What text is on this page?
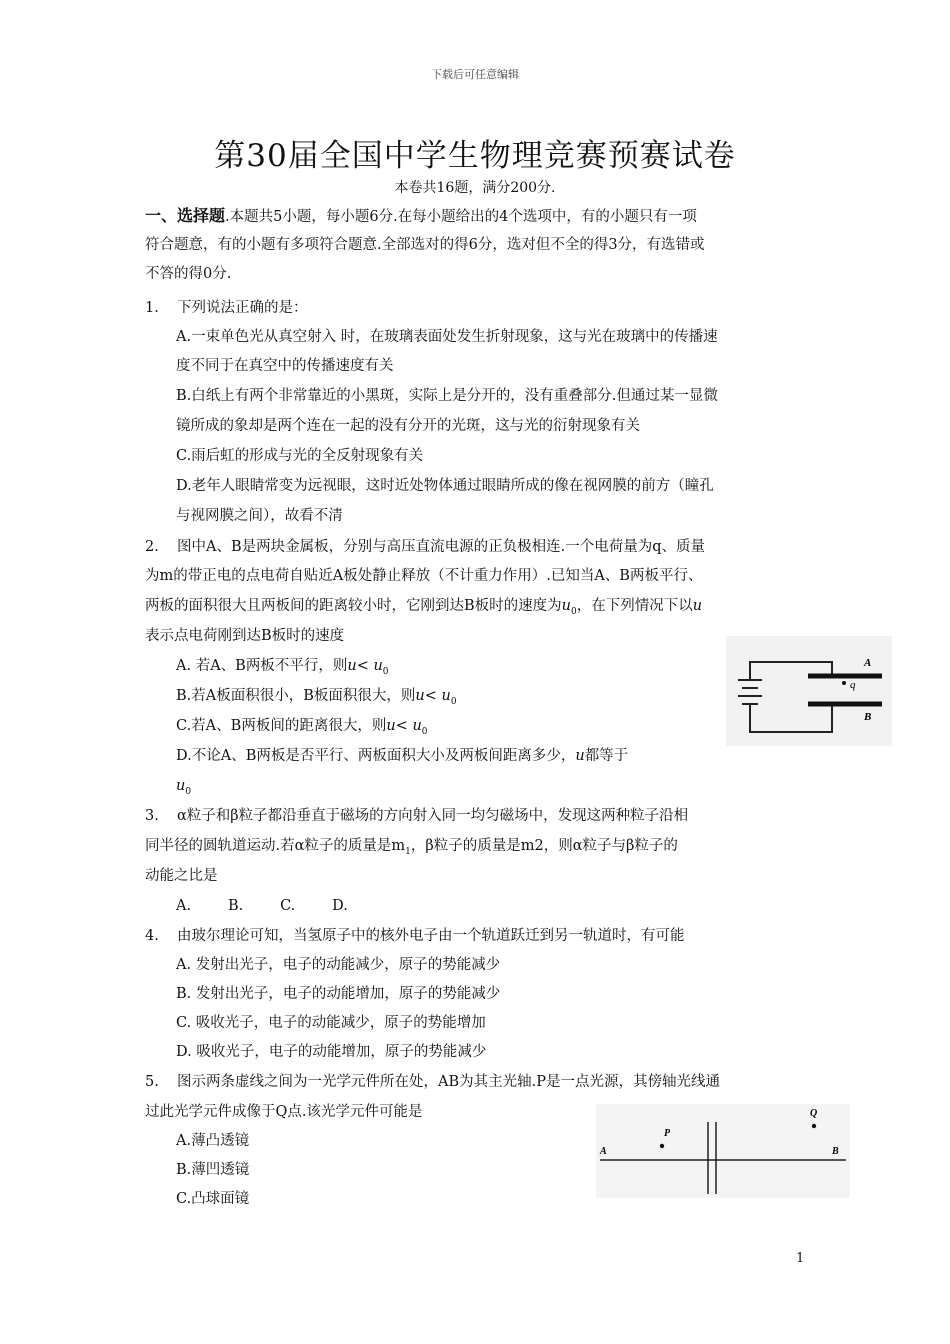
下载后可任意编辑
第30届全国中学生物理竞赛预赛试卷
本卷共16题，满分200分.
一、选择题.本题共5小题，每小题6分.在每小题给出的4个选项中，有的小题只有一项
符合题意，有的小题有多项符合题意.全部选对的得6分，选对但不全的得3分，有选错或
不答的得0分.
1. 下列说法正确的是：
A.一束单色光从真空射入 时，在玻璃表面处发生折射现象，这与光在玻璃中的传播速
度不同于在真空中的传播速度有关
B.白纸上有两个非常靠近的小黑斑，实际上是分开的，没有重叠部分.但通过某一显微
镜所成的象却是两个连在一起的没有分开的光斑，这与光的衍射现象有关
C.雨后虹的形成与光的全反射现象有关
D.老年人眼睛常变为远视眼，这时近处物体通过眼睛所成的像在视网膜的前方（瞳孔
与视网膜之间），故看不清
2. 图中A、B是两块金属板，分别与高压直流电源的正负极相连.一个电荷量为q、质量
为m的带正电的点电荷自贴近A板处静止释放（不计重力作用）.已知当A、B两板平行、
两板的面积很大且两板间的距离较小时，它刚到达B板时的速度为$u_0$，在下列情况下以u
表示点电荷刚到达B板时的速度
A. 若A、B两板不平行，则$u< u_0$
B.若A板面积很小，B板面积很大，则$u< u_0$
C.若A、B两板间的距离很大，则$u< u_0$
D.不论A、B两板是否平行、两板面积大小及两板间距离多少，u都等于
$u_0$
q
A
B
3. α粒子和β粒子都沿垂直于磁场的方向射入同一均匀磁场中，发现这两种粒子沿相
同半径的圆轨道运动.若α粒子的质量是$m_1$，β粒子的质量是m2，则α粒子与β粒子的
动能之比是
A.        B.        C.        D.
4. 由玻尔理论可知，当氢原子中的核外电子由一个轨道跃迁到另一轨道时，有可能
A. 发射出光子，电子的动能减少，原子的势能减少
B. 发射出光子，电子的动能增加，原子的势能减少
C. 吸收光子，电子的动能减少，原子的势能增加
D. 吸收光子，电子的动能增加，原子的势能减少
5. 图示两条虚线之间为一光学元件所在处，AB为其主光轴.P是一点光源，其傍轴光线通
过此光学元件成像于Q点.该光学元件可能是
A.薄凸透镜
B.薄凹透镜
C.凸球面镜
P
Q
A	B
1
